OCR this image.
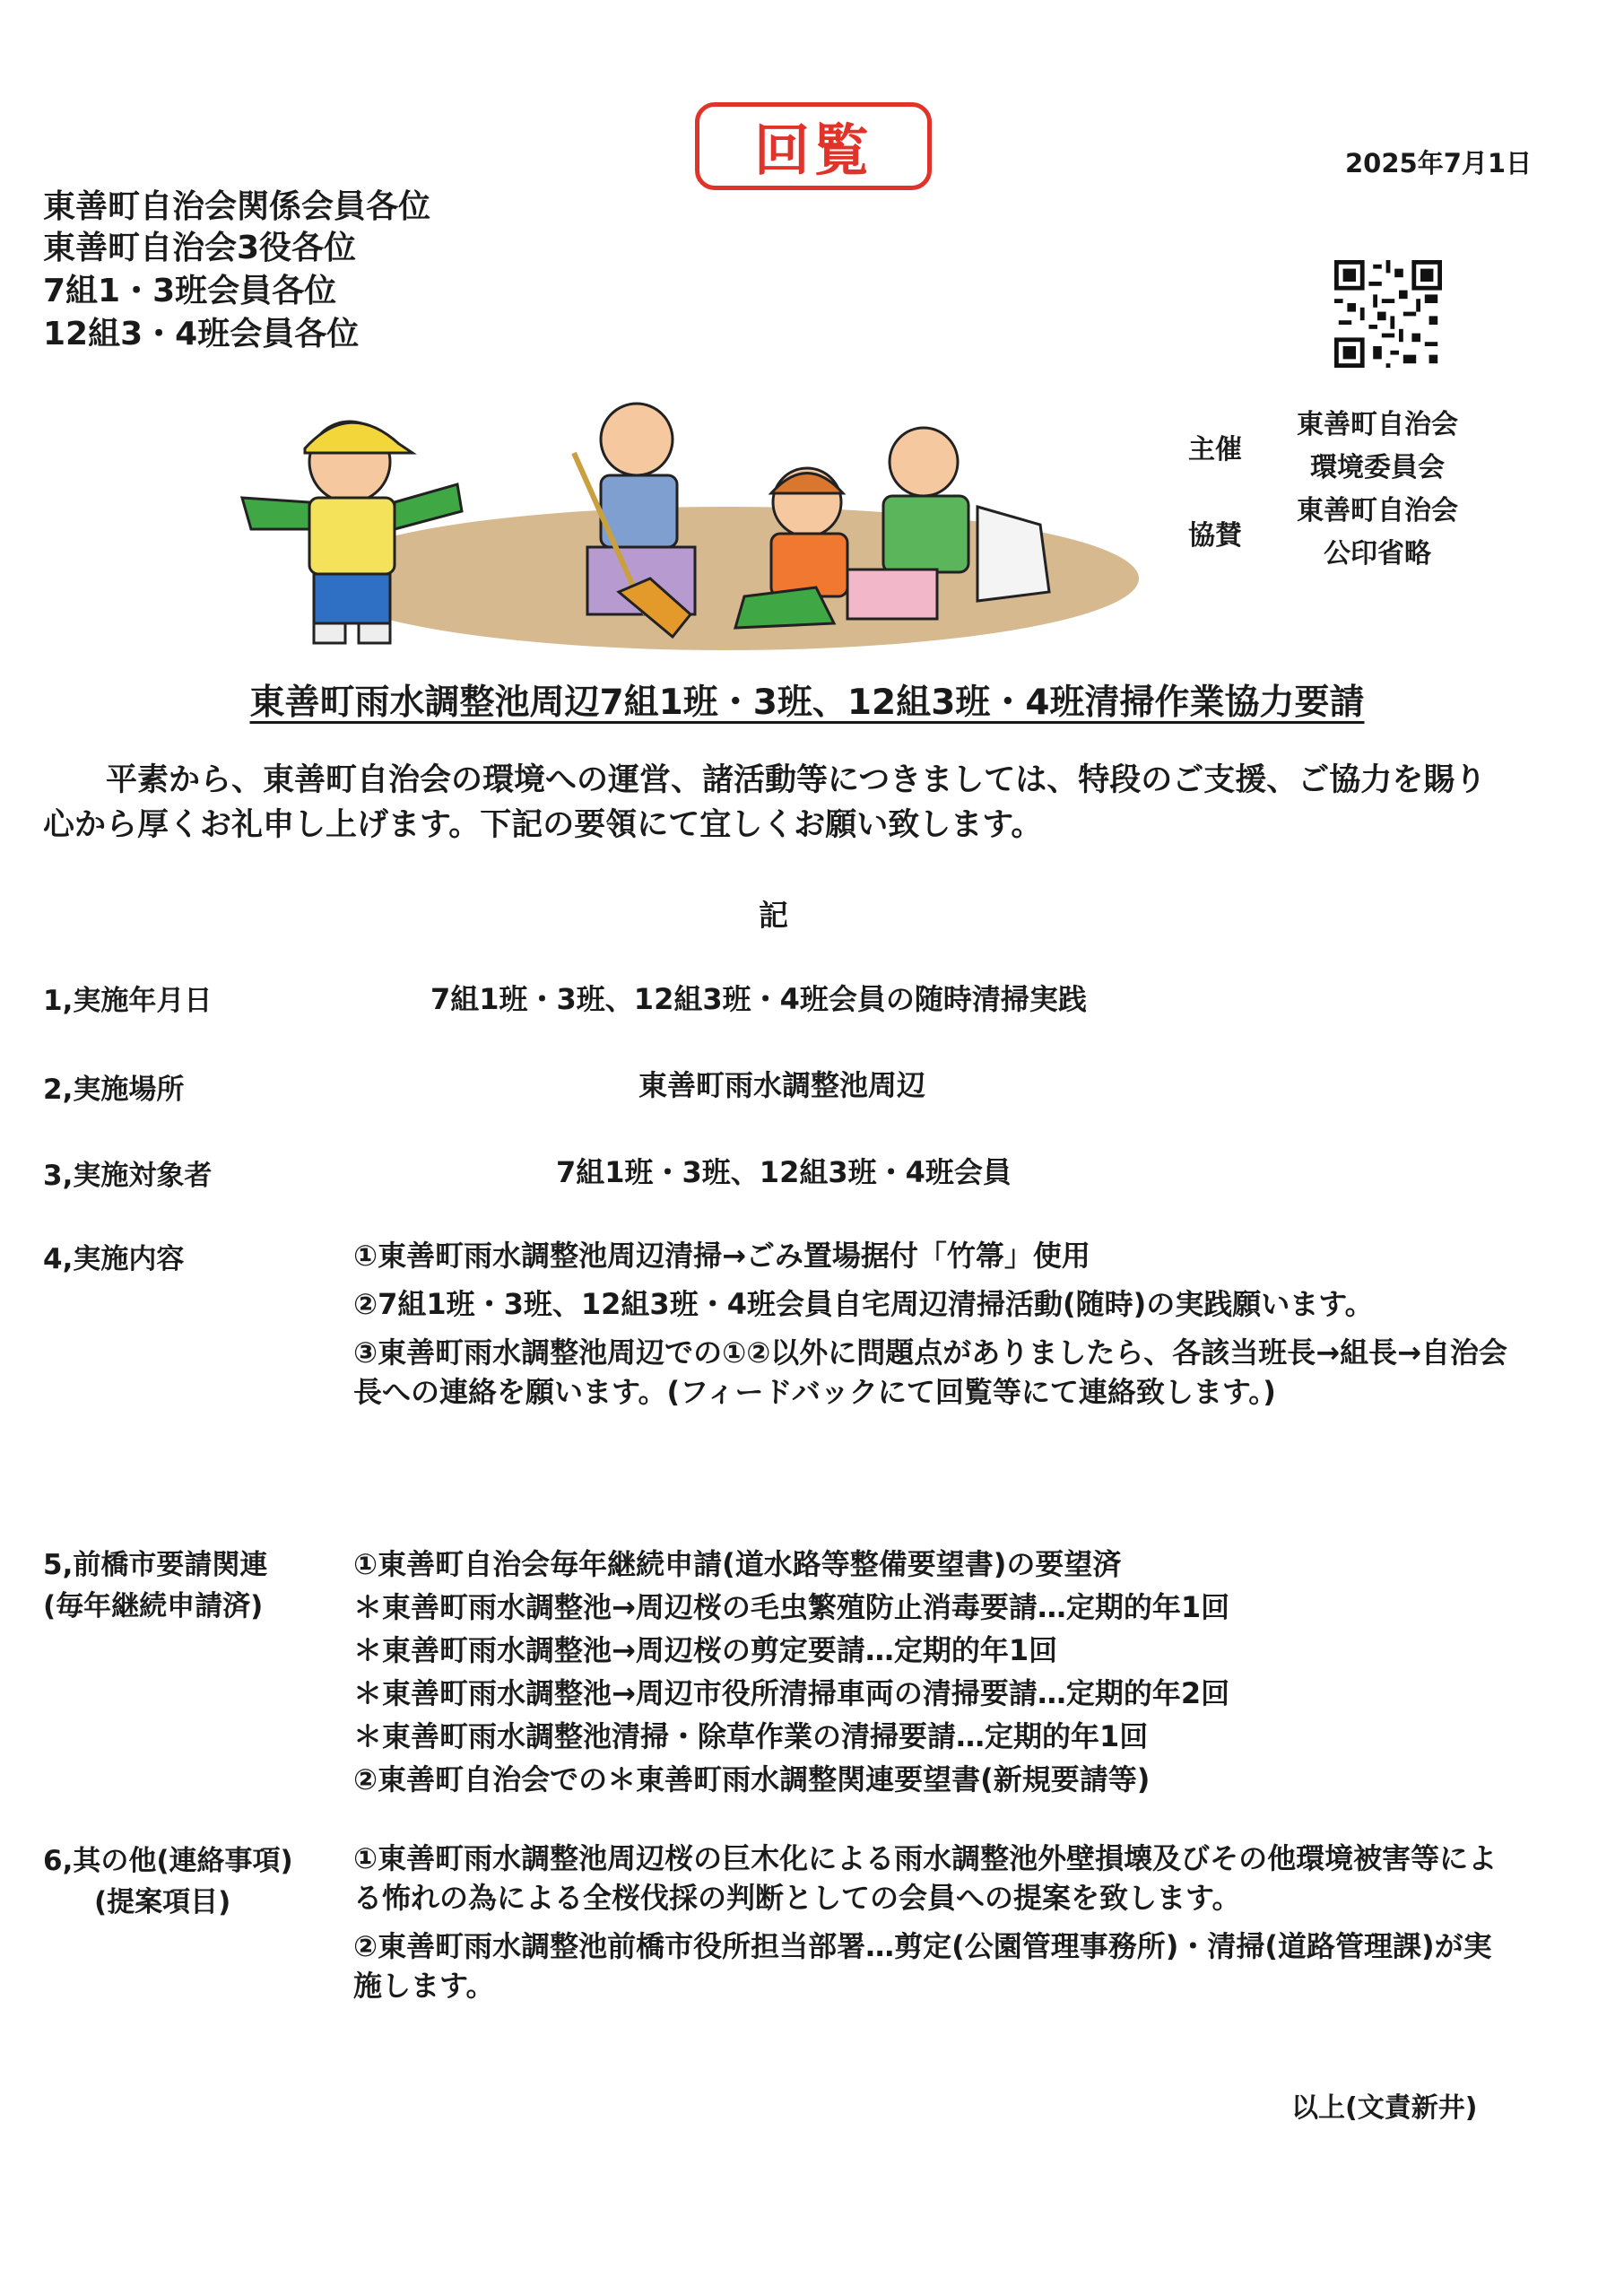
回覧	2025年7月1日
東善町自治会関係会員各位
東善町自治会3役各位
7組1・3班会員各位
12組3・4班会員各位
主催
東善町自治会
環境委員会
協賛
東善町自治会
公印省略
東善町雨水調整池周辺7組1班・3班、12組3班・4班清掃作業協力要請
平素から、東善町自治会の環境への運営、諸活動等につきましては、特段のご支援、ご協力を賜り心から厚くお礼申し上げます。下記の要領にて宜しくお願い致します。
記
1,実施年月日	7組1班・3班、12組3班・4班会員の随時清掃実践
2,実施場所	東善町雨水調整池周辺
3,実施対象者	7組1班・3班、12組3班・4班会員
4,実施内容	①東善町雨水調整池周辺清掃→ごみ置場据付「竹箒」使用

②7組1班・3班、12組3班・4班会員自宅周辺清掃活動(随時)の実践願います。

③東善町雨水調整池周辺での①②以外に問題点がありましたら、各該当班長→組長→自治会長への連絡を願います。(フィードバックにて回覧等にて連絡致します。)

5,前橋市要請関連
(毎年継続申請済)

①東善町自治会毎年継続申請(道水路等整備要望書)の要望済

＊東善町雨水調整池→周辺桜の毛虫繁殖防止消毒要請…定期的年1回

＊東善町雨水調整池→周辺桜の剪定要請…定期的年1回

＊東善町雨水調整池→周辺市役所清掃車両の清掃要請…定期的年2回

＊東善町雨水調整池清掃・除草作業の清掃要請…定期的年1回

②東善町自治会での＊東善町雨水調整関連要望書(新規要請等)

6,其の他(連絡事項)
(提案項目)

①東善町雨水調整池周辺桜の巨木化による雨水調整池外壁損壊及びその他環境被害等による怖れの為による全桜伐採の判断としての会員への提案を致します。

②東善町雨水調整池前橋市役所担当部署…剪定(公園管理事務所)・清掃(道路管理課)が実施します。

以上(文責新井)
